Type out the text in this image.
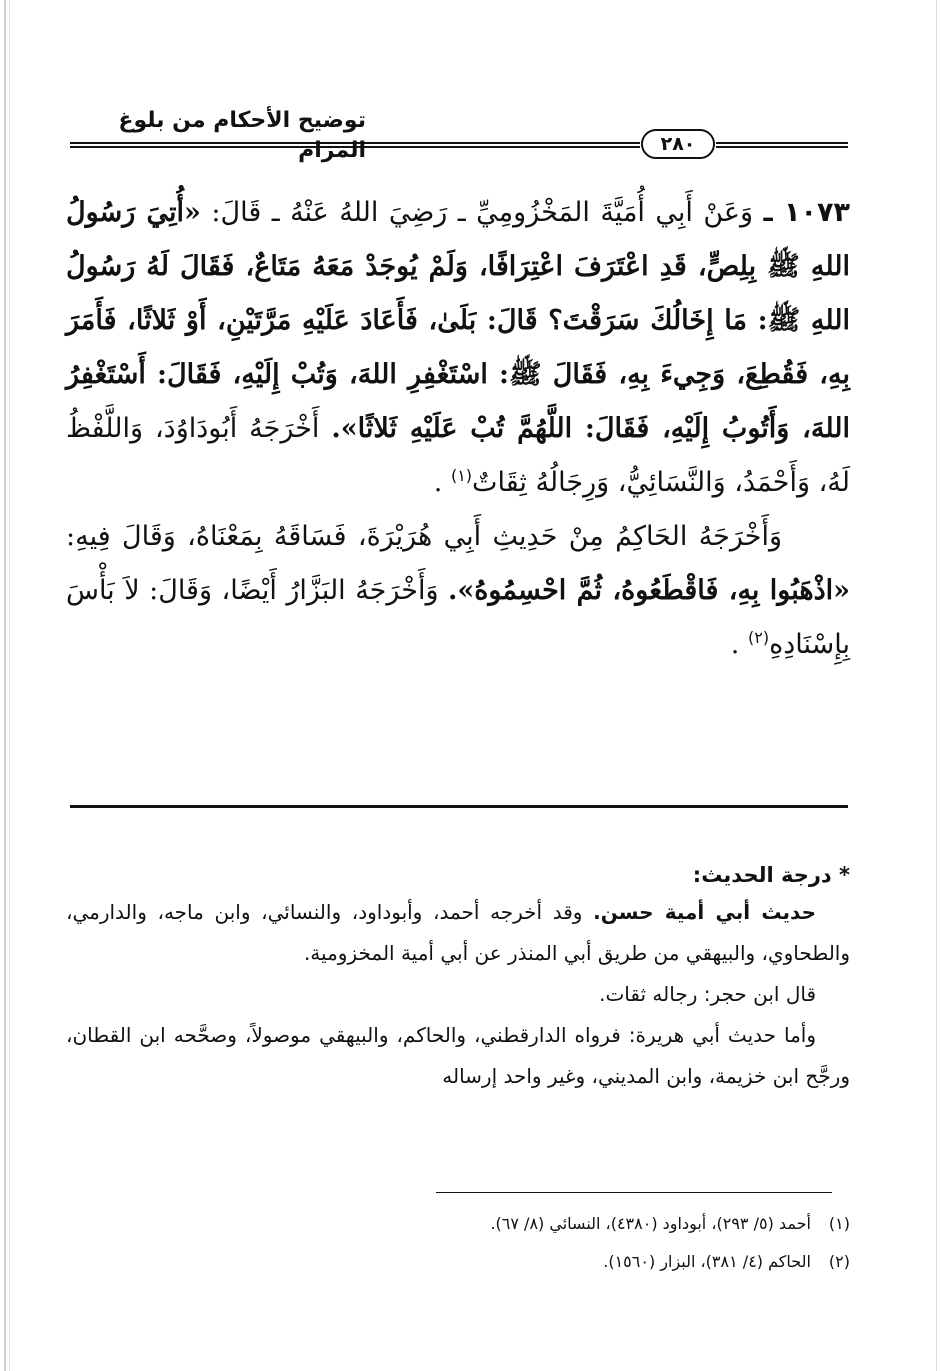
توضيح الأحكام من بلوغ المرام	٢٨٠

١٠٧٣ ـ وَعَنْ أَبِي أُمَيَّةَ المَخْزُومِيِّ ـ رَضِيَ اللهُ عَنْهُ ـ قَالَ: «أُتِيَ رَسُولُ اللهِ ﷺ بِلِصٍّ، قَدِ اعْتَرَفَ اعْتِرَافًا، وَلَمْ يُوجَدْ مَعَهُ مَتَاعٌ، فَقَالَ لَهُ رَسُولُ اللهِ ﷺ: مَا إِخَالُكَ سَرَقْتَ؟ قَالَ: بَلَىٰ، فَأَعَادَ عَلَيْهِ مَرَّتَيْنِ، أَوْ ثَلاثًا، فَأَمَرَ بِهِ، فَقُطِعَ، وَجِيءَ بِهِ، فَقَالَ ﷺ: اسْتَغْفِرِ اللهَ، وَتُبْ إِلَيْهِ، فَقَالَ: أَسْتَغْفِرُ اللهَ، وَأَتُوبُ إِلَيْهِ، فَقَالَ: اللَّهُمَّ تُبْ عَلَيْهِ ثَلاثًا». أَخْرَجَهُ أَبُودَاوُدَ، وَاللَّفْظُ لَهُ، وَأَحْمَدُ، وَالنَّسَائِيُّ، وَرِجَالُهُ ثِقَاتٌ$^{(١)}$ .

وَأَخْرَجَهُ الحَاكِمُ مِنْ حَدِيثِ أَبِي هُرَيْرَةَ، فَسَاقَهُ بِمَعْنَاهُ، وَقَالَ فِيهِ: «اذْهَبُوا بِهِ، فَاقْطَعُوهُ، ثُمَّ احْسِمُوهُ». وَأَخْرَجَهُ البَزَّارُ أَيْضًا، وَقَالَ: لاَ بَأْسَ بِإِسْنَادِهِ$^{(٢)}$ .

* درجة الحديث:

حديث أبي أمية حسن. وقد أخرجه أحمد، وأبوداود، والنسائي، وابن ماجه، والدارمي، والطحاوي، والبيهقي من طريق أبي المنذر عن أبي أمية المخزومية.

قال ابن حجر: رجاله ثقات.

وأما حديث أبي هريرة: فرواه الدارقطني، والحاكم، والبيهقي موصولاً، وصحَّحه ابن القطان، ورجَّح ابن خزيمة، وابن المديني، وغير واحد إرساله

(١) أحمد (٥/ ٢٩٣)، أبوداود (٤٣٨٠)، النسائي (٨/ ٦٧).
(٢) الحاكم (٤/ ٣٨١)، البزار (١٥٦٠).
